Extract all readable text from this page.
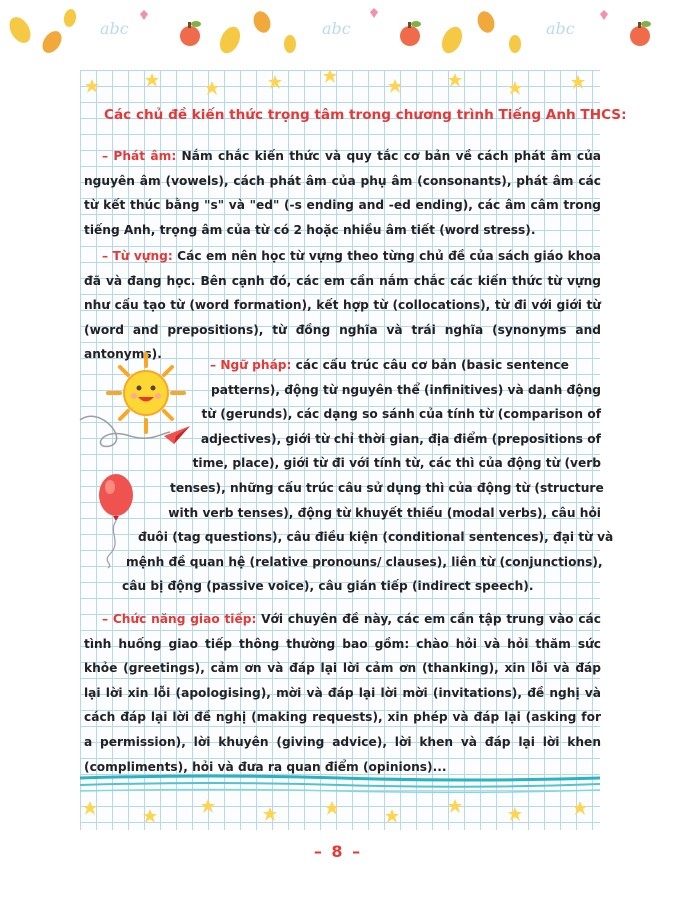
abc	abc	abc
Các chủ đề kiến thức trọng tâm trong chương trình Tiếng Anh THCS:
– Phát âm: Nắm chắc kiến thức và quy tắc cơ bản về cách phát âm của nguyên âm (vowels), cách phát âm của phụ âm (consonants), phát âm các từ kết thúc bằng "s" và "ed" (-s ending and -ed ending), các âm câm trong tiếng Anh, trọng âm của từ có 2 hoặc nhiều âm tiết (word stress).
– Từ vựng: Các em nên học từ vựng theo từng chủ đề của sách giáo khoa đã và đang học. Bên cạnh đó, các em cần nắm chắc các kiến thức từ vựng như cấu tạo từ (word formation), kết hợp từ (collocations), từ đi với giới từ (word and prepositions), từ đồng nghĩa và trái nghĩa (synonyms and antonyms).
– Ngữ pháp: các cấu trúc câu cơ bản (basic sentence
patterns), động từ nguyên thể (infinitives) và danh động
từ (gerunds), các dạng so sánh của tính từ (comparison of
adjectives), giới từ chỉ thời gian, địa điểm (prepositions of
time, place), giới từ đi với tính từ, các thì của động từ (verb
tenses), những cấu trúc câu sử dụng thì của động từ (structure
with verb tenses), động từ khuyết thiếu (modal verbs), câu hỏi
đuôi (tag questions), câu điều kiện (conditional sentences), đại từ và
mệnh đề quan hệ (relative pronouns/ clauses), liên từ (conjunctions),
câu bị động (passive voice), câu gián tiếp (indirect speech).
– Chức năng giao tiếp: Với chuyên đề này, các em cần tập trung vào các tình huống giao tiếp thông thường bao gồm: chào hỏi và hỏi thăm sức khỏe (greetings), cảm ơn và đáp lại lời cảm ơn (thanking), xin lỗi và đáp lại lời xin lỗi (apologising), mời và đáp lại lời mời (invitations), đề nghị và cách đáp lại lời đề nghị (making requests), xin phép và đáp lại (asking for a permission), lời khuyên (giving advice), lời khen và đáp lại lời khen (compliments), hỏi và đưa ra quan điểm (opinions)...
– 8 –
